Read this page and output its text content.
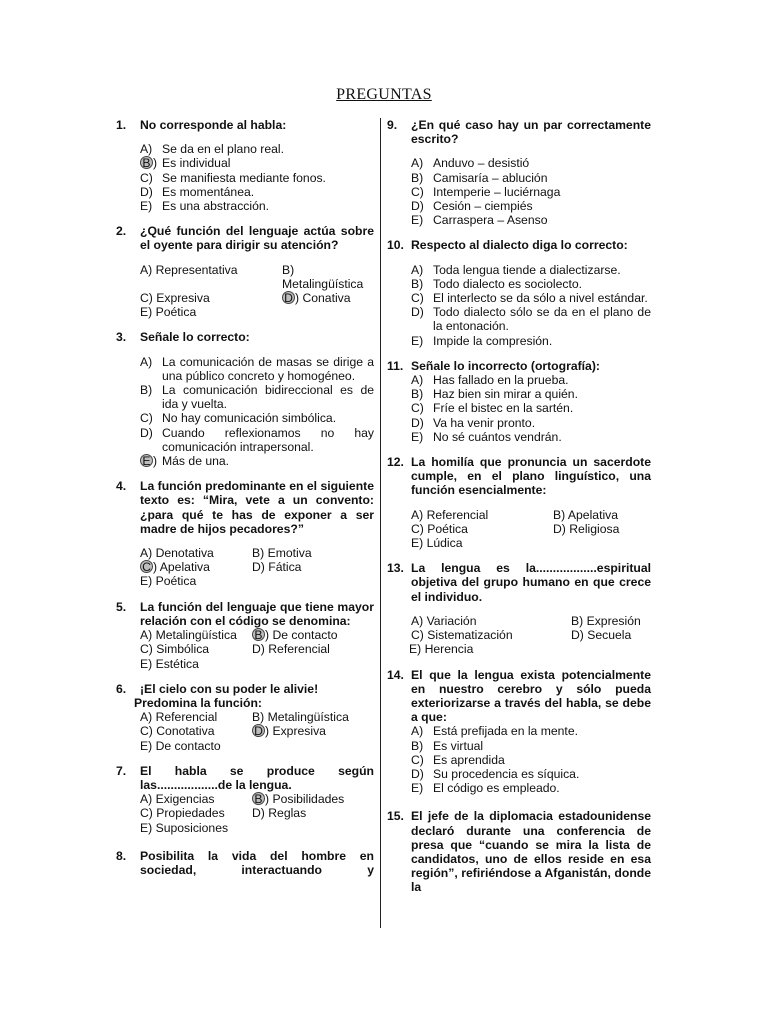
PREGUNTAS
1.	No corresponde al habla:
A) Se da en el plano real.
B ) Es individual
C) Se manifiesta mediante fonos.
D) Es momentánea.
E) Es una abstracción.
2.	¿Qué función del lenguaje actúa sobre el oyente para dirigir su atención?
A) Representativa	B) Metalingüística
C) Expresiva	D ) Conativa
E) Poética
3.	Señale lo correcto:
A) La comunicación de masas se dirige a una público concreto y homogéneo.
B) La comunicación bidireccional es de ida y vuelta.
C) No hay comunicación simbólica.
D) Cuando reflexionamos no hay comunicación intrapersonal.
E ) Más de una.
4.	La función predominante en el siguiente texto es: “Mira, vete a un convento: ¿para qué te has de exponer a ser madre de hijos pecadores?”
A) Denotativa	B) Emotiva
C ) Apelativa	D) Fática
E) Poética
5.	La función del lenguaje que tiene mayor relación con el código se denomina:
A) Metalingüística	B ) De contacto
C) Simbólica	D) Referencial
E) Estética
6.	¡El cielo con su poder le alivie!
Predomina la función:
A) Referencial	B) Metalingüística
C) Conotativa	D ) Expresiva
E) De contacto
7.	El habla se produce según las..................de la lengua.
A) Exigencias	B ) Posibilidades
C) Propiedades	D) Reglas
E) Suposiciones
8.	Posibilita la vida del hombre en sociedad, interactuando y
9.	¿En qué caso hay un par correctamente escrito?
A) Anduvo – desistió
B) Camisaría – ablución
C) Intemperie – luciérnaga
D) Cesión – ciempiés
E) Carraspera – Asenso
10. Respecto al dialecto diga lo correcto:
A) Toda lengua tiende a dialectizarse.
B) Todo dialecto es sociolecto.
C) El interlecto se da sólo a nivel estándar.
D) Todo dialecto sólo se da en el plano de la entonación.
E) Impide la compresión.
11. Señale lo incorrecto (ortografía):
A) Has fallado en la prueba.
B) Haz bien sin mirar a quién.
C) Fríe el bistec en la sartén.
D) Va ha venir pronto.
E) No sé cuántos vendrán.
12. La homilía que pronuncia un sacerdote cumple, en el plano linguístico, una función esencialmente:
A) Referencial	B) Apelativa
C) Poética	D) Religiosa
E) Lúdica
13. La lengua es la..................espiritual objetiva del grupo humano en que crece el individuo.
A) Variación	B) Expresión
C) Sistematización	D) Secuela
E) Herencia
14. El que la lengua exista potencialmente en nuestro cerebro y sólo pueda exteriorizarse a través del habla, se debe a que:
A) Está prefijada en la mente.
B) Es virtual
C) Es aprendida
D) Su procedencia es síquica.
E) El código es empleado.
15. El jefe de la diplomacia estadounidense declaró durante una conferencia de presa que “cuando se mira la lista de candidatos, uno de ellos reside en esa región”, refiriéndose a Afganistán, donde la
